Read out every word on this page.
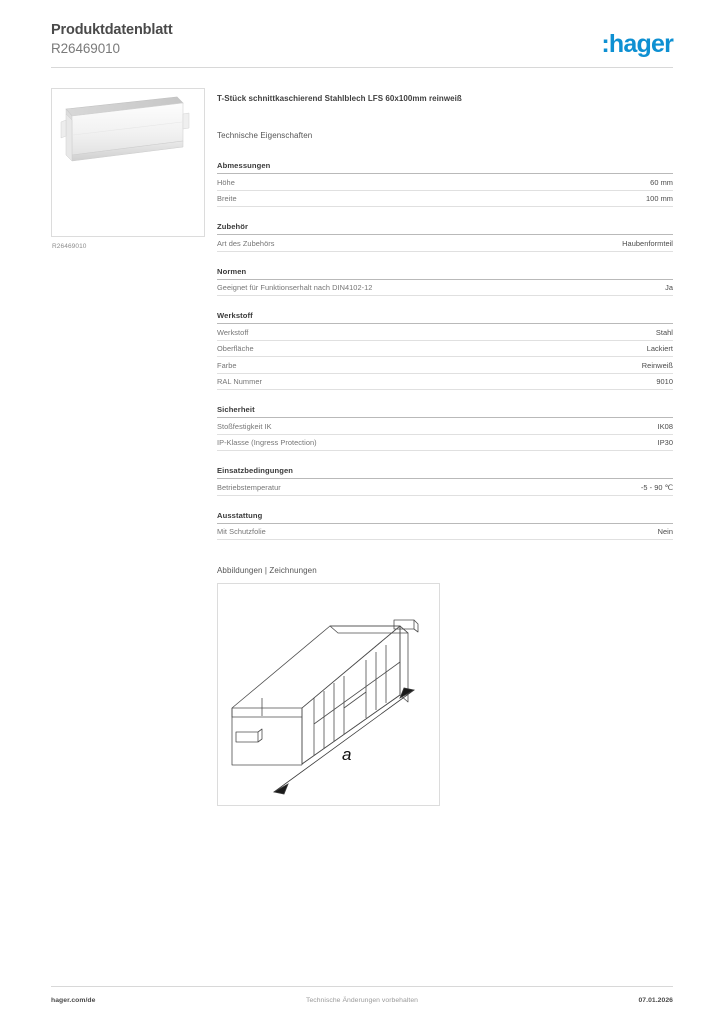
Produktdatenblatt
R26469010	:hager
R26469010
T-Stück schnittkaschierend Stahlblech LFS 60x100mm reinweiß
Technische Eigenschaften
Abmessungen
Höhe	60 mm
Breite	100 mm
Zubehör
Art des Zubehörs	Haubenformteil
Normen
Geeignet für Funktionserhalt nach DIN4102-12	Ja
Werkstoff
Werkstoff	Stahl
Oberfläche	Lackiert
Farbe	Reinweiß
RAL Nummer	9010
Sicherheit
Stoßfestigkeit IK	IK08
IP-Klasse (Ingress Protection)	IP30
Einsatzbedingungen
Betriebstemperatur	-5 - 90 ℃
Ausstattung
Mit Schutzfolie	Nein
Abbildungen | Zeichnungen
a
hager.com/de	Technische Änderungen vorbehalten	07.01.2026
